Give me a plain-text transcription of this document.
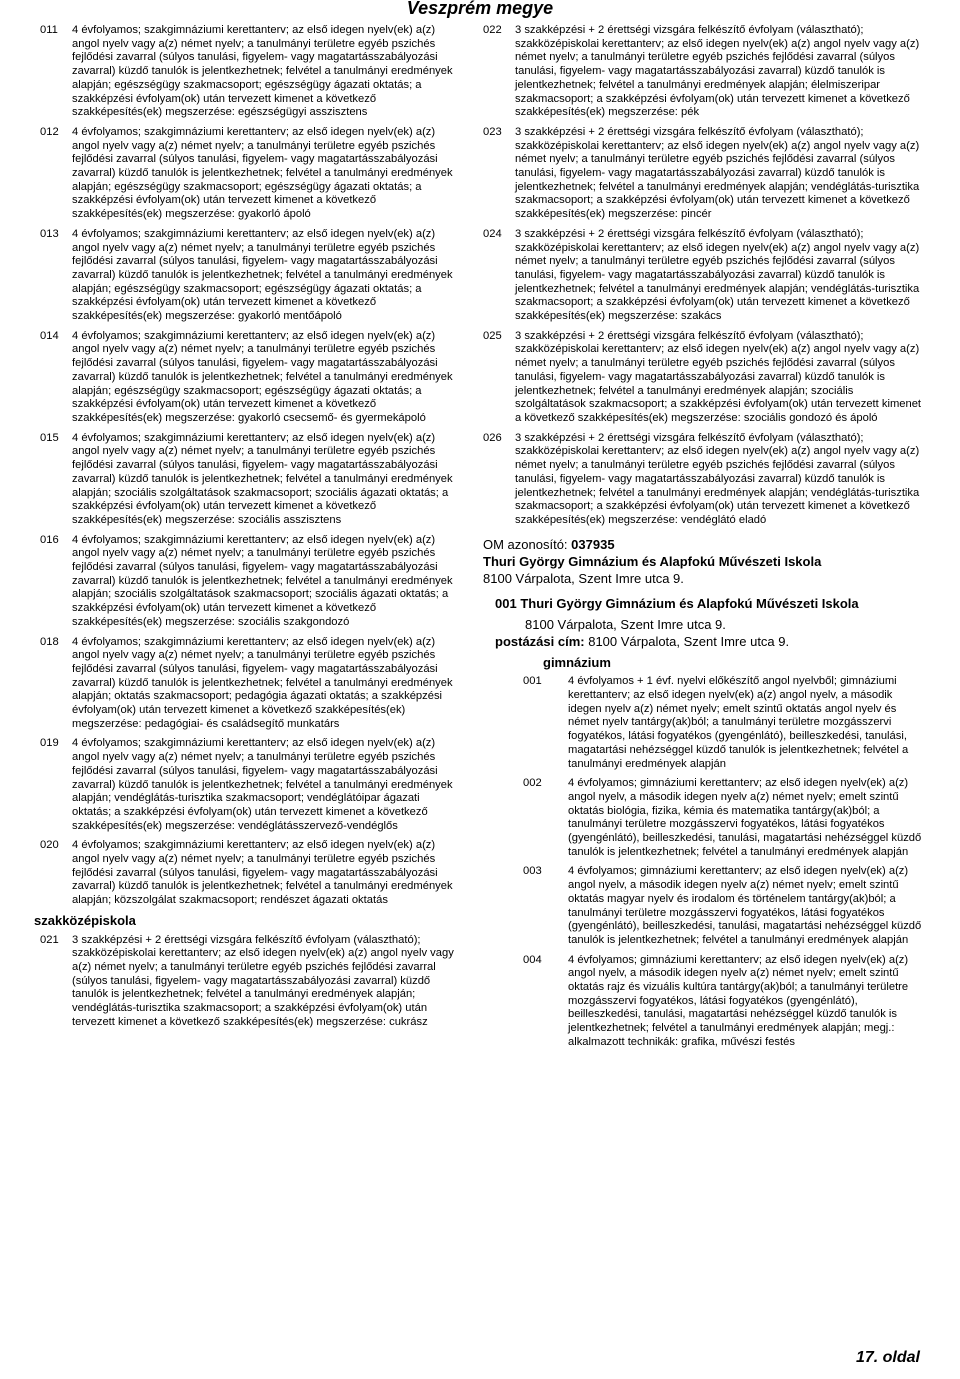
Veszprém megye
011	4 évfolyamos; szakgimnáziumi kerettanterv; az első idegen nyelv(ek) a(z) angol nyelv vagy a(z) német nyelv; a tanulmányi területre egyéb pszichés fejlődési zavarral (súlyos tanulási, figyelem- vagy magatartásszabályozási zavarral) küzdő tanulók is jelentkezhetnek; felvétel a tanulmányi eredmények alapján; egészségügy szakmacsoport; egészségügy ágazati oktatás; a szakképzési évfolyam(ok) után tervezett kimenet a következő szakképesítés(ek) megszerzése: egészségügyi asszisztens
012	4 évfolyamos; szakgimnáziumi kerettanterv; az első idegen nyelv(ek) a(z) angol nyelv vagy a(z) német nyelv; a tanulmányi területre egyéb pszichés fejlődési zavarral (súlyos tanulási, figyelem- vagy magatartásszabályozási zavarral) küzdő tanulók is jelentkezhetnek; felvétel a tanulmányi eredmények alapján; egészségügy szakmacsoport; egészségügy ágazati oktatás; a szakképzési évfolyam(ok) után tervezett kimenet a következő szakképesítés(ek) megszerzése: gyakorló ápoló
013	4 évfolyamos; szakgimnáziumi kerettanterv; az első idegen nyelv(ek) a(z) angol nyelv vagy a(z) német nyelv; a tanulmányi területre egyéb pszichés fejlődési zavarral (súlyos tanulási, figyelem- vagy magatartásszabályozási zavarral) küzdő tanulók is jelentkezhetnek; felvétel a tanulmányi eredmények alapján; egészségügy szakmacsoport; egészségügy ágazati oktatás; a szakképzési évfolyam(ok) után tervezett kimenet a következő szakképesítés(ek) megszerzése: gyakorló mentőápoló
014	4 évfolyamos; szakgimnáziumi kerettanterv; az első idegen nyelv(ek) a(z) angol nyelv vagy a(z) német nyelv; a tanulmányi területre egyéb pszichés fejlődési zavarral (súlyos tanulási, figyelem- vagy magatartásszabályozási zavarral) küzdő tanulók is jelentkezhetnek; felvétel a tanulmányi eredmények alapján; egészségügy szakmacsoport; egészségügy ágazati oktatás; a szakképzési évfolyam(ok) után tervezett kimenet a következő szakképesítés(ek) megszerzése: gyakorló csecsemő- és gyermekápoló
015	4 évfolyamos; szakgimnáziumi kerettanterv; az első idegen nyelv(ek) a(z) angol nyelv vagy a(z) német nyelv; a tanulmányi területre egyéb pszichés fejlődési zavarral (súlyos tanulási, figyelem- vagy magatartásszabályozási zavarral) küzdő tanulók is jelentkezhetnek; felvétel a tanulmányi eredmények alapján; szociális szolgáltatások szakmacsoport; szociális ágazati oktatás; a szakképzési évfolyam(ok) után tervezett kimenet a következő szakképesítés(ek) megszerzése: szociális asszisztens
016	4 évfolyamos; szakgimnáziumi kerettanterv; az első idegen nyelv(ek) a(z) angol nyelv vagy a(z) német nyelv; a tanulmányi területre egyéb pszichés fejlődési zavarral (súlyos tanulási, figyelem- vagy magatartásszabályozási zavarral) küzdő tanulók is jelentkezhetnek; felvétel a tanulmányi eredmények alapján; szociális szolgáltatások szakmacsoport; szociális ágazati oktatás; a szakképzési évfolyam(ok) után tervezett kimenet a következő szakképesítés(ek) megszerzése: szociális szakgondozó
018	4 évfolyamos; szakgimnáziumi kerettanterv; az első idegen nyelv(ek) a(z) angol nyelv vagy a(z) német nyelv; a tanulmányi területre egyéb pszichés fejlődési zavarral (súlyos tanulási, figyelem- vagy magatartásszabályozási zavarral) küzdő tanulók is jelentkezhetnek; felvétel a tanulmányi eredmények alapján; oktatás szakmacsoport; pedagógia ágazati oktatás; a szakképzési évfolyam(ok) után tervezett kimenet a következő szakképesítés(ek) megszerzése: pedagógiai- és családsegítő munkatárs
019	4 évfolyamos; szakgimnáziumi kerettanterv; az első idegen nyelv(ek) a(z) angol nyelv vagy a(z) német nyelv; a tanulmányi területre egyéb pszichés fejlődési zavarral (súlyos tanulási, figyelem- vagy magatartásszabályozási zavarral) küzdő tanulók is jelentkezhetnek; felvétel a tanulmányi eredmények alapján; vendéglátás-turisztika szakmacsoport; vendéglátóipar ágazati oktatás; a szakképzési évfolyam(ok) után tervezett kimenet a következő szakképesítés(ek) megszerzése: vendéglátásszervező-vendéglős
020	4 évfolyamos; szakgimnáziumi kerettanterv; az első idegen nyelv(ek) a(z) angol nyelv vagy a(z) német nyelv; a tanulmányi területre egyéb pszichés fejlődési zavarral (súlyos tanulási, figyelem- vagy magatartásszabályozási zavarral) küzdő tanulók is jelentkezhetnek; felvétel a tanulmányi eredmények alapján; közszolgálat szakmacsoport; rendészet ágazati oktatás
szakközépiskola
021	3 szakképzési + 2 érettségi vizsgára felkészítő évfolyam (választható); szakközépiskolai kerettanterv; az első idegen nyelv(ek) a(z) angol nyelv vagy a(z) német nyelv; a tanulmányi területre egyéb pszichés fejlődési zavarral (súlyos tanulási, figyelem- vagy magatartásszabályozási zavarral) küzdő tanulók is jelentkezhetnek; felvétel a tanulmányi eredmények alapján; vendéglátás-turisztika szakmacsoport; a szakképzési évfolyam(ok) után tervezett kimenet a következő szakképesítés(ek) megszerzése: cukrász
022	3 szakképzési + 2 érettségi vizsgára felkészítő évfolyam (választható); szakközépiskolai kerettanterv; az első idegen nyelv(ek) a(z) angol nyelv vagy a(z) német nyelv; a tanulmányi területre egyéb pszichés fejlődési zavarral (súlyos tanulási, figyelem- vagy magatartásszabályozási zavarral) küzdő tanulók is jelentkezhetnek; felvétel a tanulmányi eredmények alapján; élelmiszeripar szakmacsoport; a szakképzési évfolyam(ok) után tervezett kimenet a következő szakképesítés(ek) megszerzése: pék
023	3 szakképzési + 2 érettségi vizsgára felkészítő évfolyam (választható); szakközépiskolai kerettanterv; az első idegen nyelv(ek) a(z) angol nyelv vagy a(z) német nyelv; a tanulmányi területre egyéb pszichés fejlődési zavarral (súlyos tanulási, figyelem- vagy magatartásszabályozási zavarral) küzdő tanulók is jelentkezhetnek; felvétel a tanulmányi eredmények alapján; vendéglátás-turisztika szakmacsoport; a szakképzési évfolyam(ok) után tervezett kimenet a következő szakképesítés(ek) megszerzése: pincér
024	3 szakképzési + 2 érettségi vizsgára felkészítő évfolyam (választható); szakközépiskolai kerettanterv; az első idegen nyelv(ek) a(z) angol nyelv vagy a(z) német nyelv; a tanulmányi területre egyéb pszichés fejlődési zavarral (súlyos tanulási, figyelem- vagy magatartásszabályozási zavarral) küzdő tanulók is jelentkezhetnek; felvétel a tanulmányi eredmények alapján; vendéglátás-turisztika szakmacsoport; a szakképzési évfolyam(ok) után tervezett kimenet a következő szakképesítés(ek) megszerzése: szakács
025	3 szakképzési + 2 érettségi vizsgára felkészítő évfolyam (választható); szakközépiskolai kerettanterv; az első idegen nyelv(ek) a(z) angol nyelv vagy a(z) német nyelv; a tanulmányi területre egyéb pszichés fejlődési zavarral (súlyos tanulási, figyelem- vagy magatartásszabályozási zavarral) küzdő tanulók is jelentkezhetnek; felvétel a tanulmányi eredmények alapján; szociális szolgáltatások szakmacsoport; a szakképzési évfolyam(ok) után tervezett kimenet a következő szakképesítés(ek) megszerzése: szociális gondozó és ápoló
026	3 szakképzési + 2 érettségi vizsgára felkészítő évfolyam (választható); szakközépiskolai kerettanterv; az első idegen nyelv(ek) a(z) angol nyelv vagy a(z) német nyelv; a tanulmányi területre egyéb pszichés fejlődési zavarral (súlyos tanulási, figyelem- vagy magatartásszabályozási zavarral) küzdő tanulók is jelentkezhetnek; felvétel a tanulmányi eredmények alapján; vendéglátás-turisztika szakmacsoport; a szakképzési évfolyam(ok) után tervezett kimenet a következő szakképesítés(ek) megszerzése: vendéglátó eladó
OM azonosító: 037935
Thuri György Gimnázium és Alapfokú Művészeti Iskola
8100 Várpalota, Szent Imre utca 9.
001 Thuri György Gimnázium és Alapfokú Művészeti Iskola
8100 Várpalota, Szent Imre utca 9.
postázási cím: 8100 Várpalota, Szent Imre utca 9.
gimnázium
001	4 évfolyamos + 1 évf. nyelvi előkészítő angol nyelvből; gimnáziumi kerettanterv; az első idegen nyelv(ek) a(z) angol nyelv, a második idegen nyelv a(z) német nyelv; emelt szintű oktatás angol nyelv és német nyelv tantárgy(ak)ból; a tanulmányi területre mozgásszervi fogyatékos, látási fogyatékos (gyengénlátó), beilleszkedési, tanulási, magatartási nehézséggel küzdő tanulók is jelentkezhetnek; felvétel a tanulmányi eredmények alapján
002	4 évfolyamos; gimnáziumi kerettanterv; az első idegen nyelv(ek) a(z) angol nyelv, a második idegen nyelv a(z) német nyelv; emelt szintű oktatás biológia, fizika, kémia és matematika tantárgy(ak)ból; a tanulmányi területre mozgásszervi fogyatékos, látási fogyatékos (gyengénlátó), beilleszkedési, tanulási, magatartási nehézséggel küzdő tanulók is jelentkezhetnek; felvétel a tanulmányi eredmények alapján
003	4 évfolyamos; gimnáziumi kerettanterv; az első idegen nyelv(ek) a(z) angol nyelv, a második idegen nyelv a(z) német nyelv; emelt szintű oktatás magyar nyelv és irodalom és történelem tantárgy(ak)ból; a tanulmányi területre mozgásszervi fogyatékos, látási fogyatékos (gyengénlátó), beilleszkedési, tanulási, magatartási nehézséggel küzdő tanulók is jelentkezhetnek; felvétel a tanulmányi eredmények alapján
004	4 évfolyamos; gimnáziumi kerettanterv; az első idegen nyelv(ek) a(z) angol nyelv, a második idegen nyelv a(z) német nyelv; emelt szintű oktatás rajz és vizuális kultúra tantárgy(ak)ból; a tanulmányi területre mozgásszervi fogyatékos, látási fogyatékos (gyengénlátó), beilleszkedési, tanulási, magatartási nehézséggel küzdő tanulók is jelentkezhetnek; felvétel a tanulmányi eredmények alapján; megj.: alkalmazott technikák: grafika, művészi festés
17. oldal
